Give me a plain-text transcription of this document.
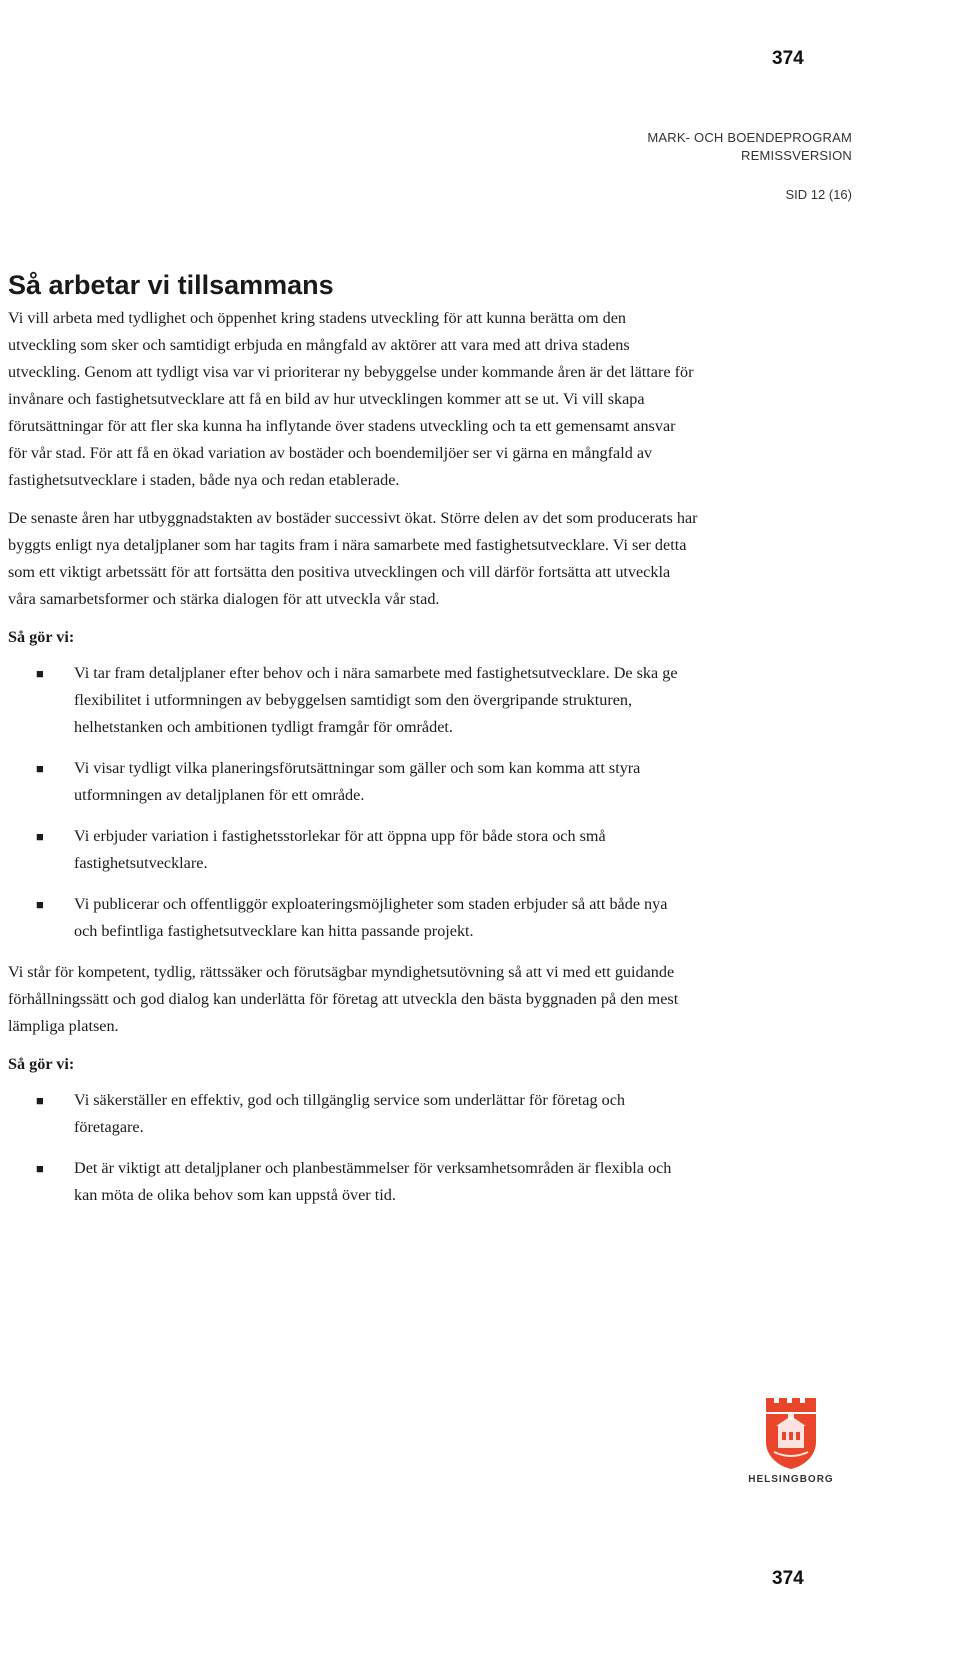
374
MARK- OCH BOENDEPROGRAM
REMISSVERSION
SID 12 (16)
Så arbetar vi tillsammans

Vi vill arbeta med tydlighet och öppenhet kring stadens utveckling för att kunna berätta om den utveckling som sker och samtidigt erbjuda en mångfald av aktörer att vara med att driva stadens utveckling. Genom att tydligt visa var vi prioriterar ny bebyggelse under kommande åren är det lättare för invånare och fastighetsutvecklare att få en bild av hur utvecklingen kommer att se ut. Vi vill skapa förutsättningar för att fler ska kunna ha inflytande över stadens utveckling och ta ett gemensamt ansvar för vår stad. För att få en ökad variation av bostäder och boendemiljöer ser vi gärna en mångfald av fastighetsutvecklare i staden, både nya och redan etablerade.

De senaste åren har utbyggnadstakten av bostäder successivt ökat. Större delen av det som producerats har byggts enligt nya detaljplaner som har tagits fram i nära samarbete med fastighetsutvecklare. Vi ser detta som ett viktigt arbetssätt för att fortsätta den positiva utvecklingen och vill därför fortsätta att utveckla våra samarbetsformer och stärka dialogen för att utveckla vår stad.

Så gör vi:

■ Vi tar fram detaljplaner efter behov och i nära samarbete med fastighetsutvecklare. De ska ge flexibilitet i utformningen av bebyggelsen samtidigt som den övergripande strukturen, helhetstanken och ambitionen tydligt framgår för området.
■ Vi visar tydligt vilka planeringsförutsättningar som gäller och som kan komma att styra utformningen av detaljplanen för ett område.
■ Vi erbjuder variation i fastighetsstorlekar för att öppna upp för både stora och små fastighetsutvecklare.
■ Vi publicerar och offentliggör exploateringsmöjligheter som staden erbjuder så att både nya och befintliga fastighetsutvecklare kan hitta passande projekt.

Vi står för kompetent, tydlig, rättssäker och förutsägbar myndighetsutövning så att vi med ett guidande förhållningssätt och god dialog kan underlätta för företag att utveckla den bästa byggnaden på den mest lämpliga platsen.

Så gör vi:

■ Vi säkerställer en effektiv, god och tillgänglig service som underlättar för företag och företagare.
■ Det är viktigt att detaljplaner och planbestämmelser för verksamhetsområden är flexibla och kan möta de olika behov som kan uppstå över tid.
HELSINGBORG
374
